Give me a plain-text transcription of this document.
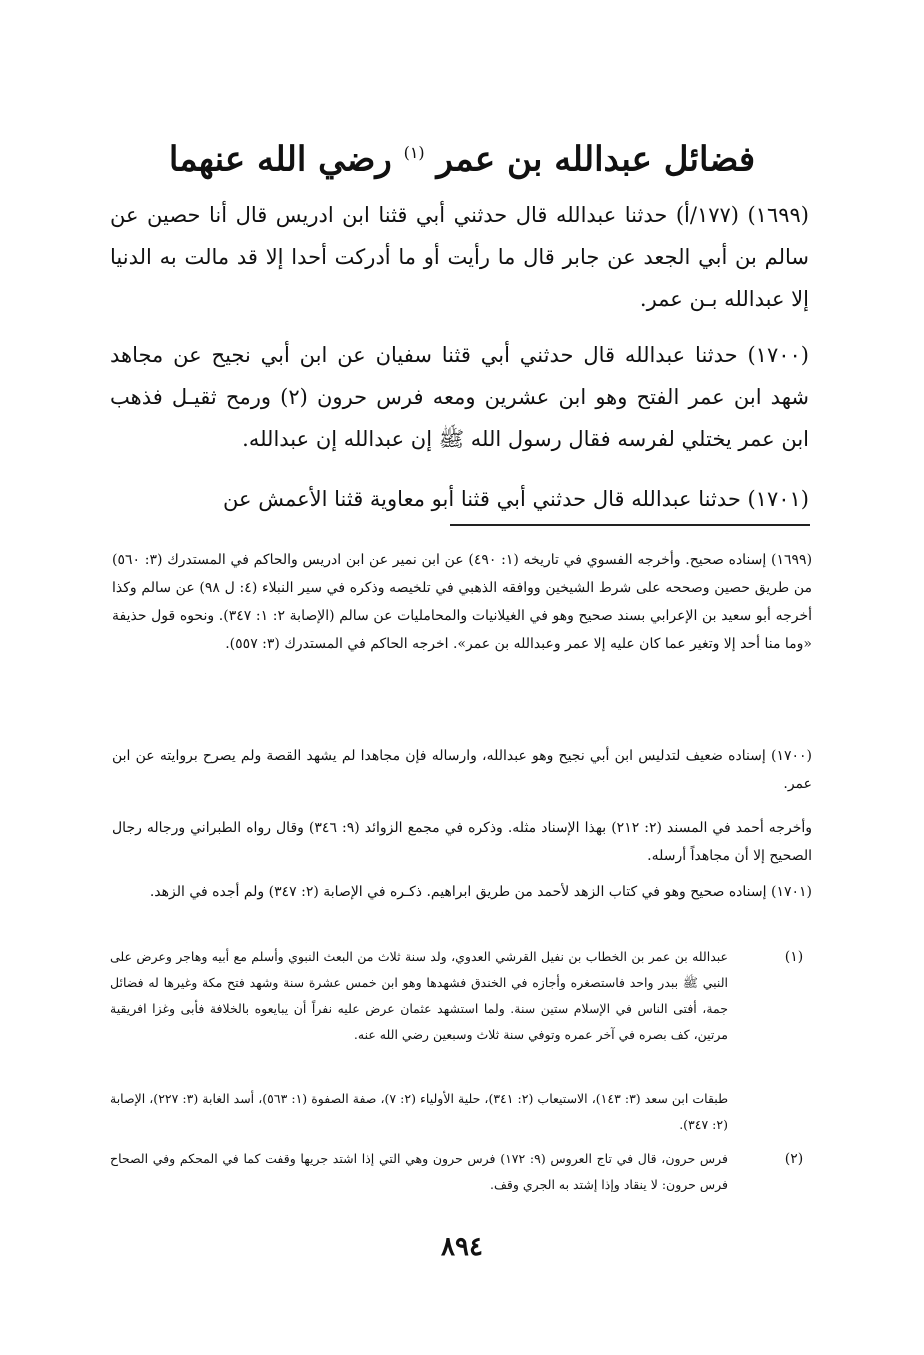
فضائل عبدالله بن عمر $^{(١)}$ رضي الله عنهما

(١٦٩٩) (١٧٧/أ) حدثنا عبدالله قال حدثني أبي قثنا ابن ادريس قال أنا حصين عن سالم بن أبي الجعد عن جابر قال ما رأيت أو ما أدركت أحدا إلا قد مالت به الدنيا إلا عبدالله بـن عمر.

(١٧٠٠) حدثنا عبدالله قال حدثني أبي قثنا سفيان عن ابن أبي نجيح عن مجاهد شهد ابن عمر الفتح وهو ابن عشرين ومعه فرس حرون (٢) ورمح ثقيـل فذهب ابن عمر يختلي لفرسه فقال رسول الله ﷺ إن عبدالله إن عبدالله.

(١٧٠١) حدثنا عبدالله قال حدثني أبي قثنا أبو معاوية قثنا الأعمش عن

(١٦٩٩) إسناده صحيح. وأخرجه الفسوي في تاريخه (١: ٤٩٠) عن ابن نمير عن ابن ادريس والحاكم في المستدرك (٣: ٥٦٠) من طريق حصين وصححه على شرط الشيخين ووافقه الذهبي في تلخيصه وذكره في سير النبلاء (٤: ل ٩٨) عن سالم وكذا أخرجه أبو سعيد بن الإعرابي بسند صحيح وهو في الغيلانيات والمحامليات عن سالم (الإصابة ٢: ١: ٣٤٧). ونحوه قول حذيفة «وما منا أحد إلا وتغير عما كان عليه إلا عمر وعبدالله بن عمر». اخرجه الحاكم في المستدرك (٣: ٥٥٧).

(١٧٠٠) إسناده ضعيف لتدليس ابن أبي نجيح وهو عبدالله، وارساله فإن مجاهدا لم يشهد القصة ولم يصرح بروايته عن ابن عمر.

وأخرجه أحمد في المسند (٢: ٢١٢) بهذا الإسناد مثله. وذكره في مجمع الزوائد (٩: ٣٤٦) وقال رواه الطبراني ورجاله رجال الصحيح إلا أن مجاهداً أرسله.

(١٧٠١) إسناده صحيح وهو في كتاب الزهد لأحمد من طريق ابراهيم. ذكـره في الإصابة (٢: ٣٤٧) ولم أجده في الزهد.

(١)

عبدالله بن عمر بن الخطاب بن نفيل القرشي العدوي، ولد سنة ثلاث من البعث النبوي وأسلم مع أبيه وهاجر وعرض على النبي ﷺ ببدر واحد فاستصغره وأجازه في الخندق فشهدها وهو ابن خمس عشرة سنة وشهد فتح مكة وغيرها له فضائل جمة، أفتى الناس في الإسلام ستين سنة. ولما استشهد عثمان عرض عليه نفراً أن يبايعوه بالخلافة فأبى وغزا افريقية مرتين، كف بصره في آخر عمره وتوفي سنة ثلاث وسبعين رضي الله عنه.

طبقات ابن سعد (٣: ١٤٣)، الاستيعاب (٢: ٣٤١)، حلية الأولياء (٢: ٧)، صفة الصفوة (١: ٥٦٣)، أسد الغابة (٣: ٢٢٧)، الإصابة (٢: ٣٤٧).

(٢)

فرس حرون، قال في تاج العروس (٩: ١٧٢) فرس حرون وهي التي إذا اشتد جريها وقفت كما في المحكم وفي الصحاح فرس حرون: لا ينقاد وإذا إشتد به الجري وقف.

٨٩٤
